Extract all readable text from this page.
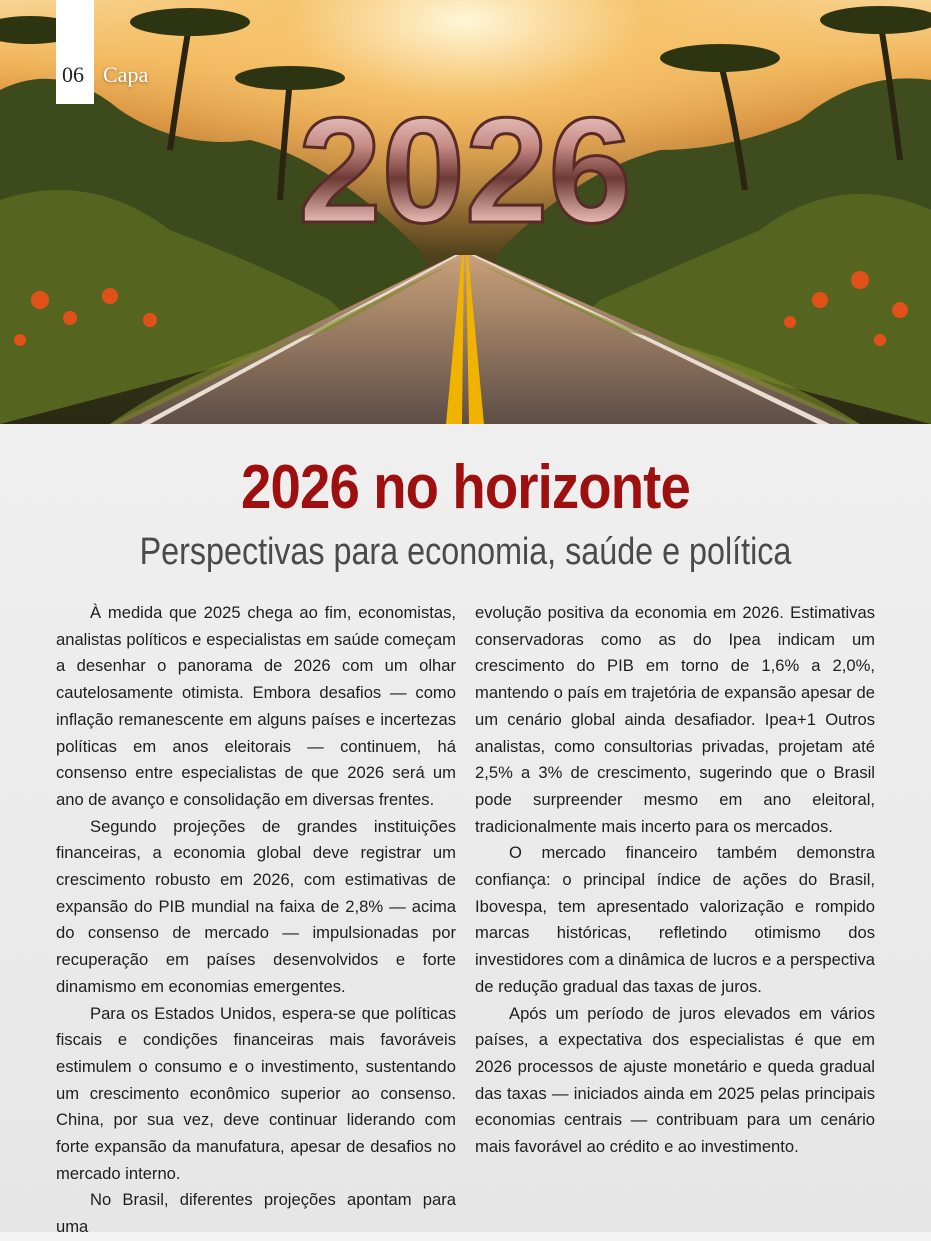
2026
06 Capa
2026 no horizonte
Perspectivas para economia, saúde e política

À medida que 2025 chega ao fim, economistas, analistas políticos e especialistas em saúde começam a desenhar o panorama de 2026 com um olhar cautelosamente otimista. Embora desafios — como inflação remanescente em alguns países e incertezas políticas em anos eleitorais — continuem, há consenso entre especialistas de que 2026 será um ano de avanço e consolidação em diversas frentes.

Segundo projeções de grandes instituições financeiras, a economia global deve registrar um crescimento robusto em 2026, com estimativas de expansão do PIB mundial na faixa de 2,8% — acima do consenso de mercado — impulsionadas por recuperação em países desenvolvidos e forte dinamismo em economias emergentes.

Para os Estados Unidos, espera-se que políticas fiscais e condições financeiras mais favoráveis estimulem o consumo e o investimento, sustentando um crescimento econômico superior ao consenso. China, por sua vez, deve continuar liderando com forte expansão da manufatura, apesar de desafios no mercado interno.

No Brasil, diferentes projeções apontam para uma

evolução positiva da economia em 2026. Estimativas conservadoras como as do Ipea indicam um crescimento do PIB em torno de 1,6% a 2,0%, mantendo o país em trajetória de expansão apesar de um cenário global ainda desafiador. Ipea+1 Outros analistas, como consultorias privadas, projetam até 2,5% a 3% de crescimento, sugerindo que o Brasil pode surpreender mesmo em ano eleitoral, tradicionalmente mais incerto para os mercados.

O mercado financeiro também demonstra confiança: o principal índice de ações do Brasil, Ibovespa, tem apresentado valorização e rompido marcas históricas, refletindo otimismo dos investidores com a dinâmica de lucros e a perspectiva de redução gradual das taxas de juros.

Após um período de juros elevados em vários países, a expectativa dos especialistas é que em 2026 processos de ajuste monetário e queda gradual das taxas — iniciados ainda em 2025 pelas principais economias centrais — contribuam para um cenário mais favorável ao crédito e ao investimento.
